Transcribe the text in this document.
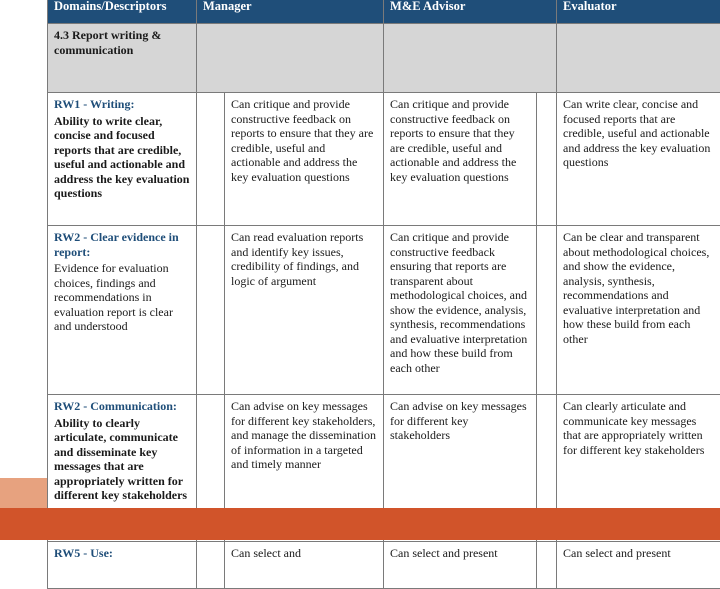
Domains/Descriptors	Manager		M&E Advisor		Evaluator
4.3 Report writing & communication					

RW1 - Writing:
Ability to write clear, concise and focused reports that are credible, useful and actionable and address the key evaluation questions		Can critique and provide constructive feedback on reports to ensure that they are credible, useful and actionable and address the key evaluation questions	Can critique and provide constructive feedback on reports to ensure that they are credible, useful and actionable and address the key evaluation questions		Can write clear, concise and focused reports that are credible, useful and actionable and address the key evaluation questions

RW2 - Clear evidence in report:
Evidence for evaluation choices, findings and recommendations in evaluation report is clear and understood		Can read evaluation reports and identify key issues, credibility of findings, and logic of argument	Can critique and provide constructive feedback ensuring that reports are transparent about methodological choices, and show the evidence, analysis, synthesis, recommendations and evaluative interpretation and how these build from each other		Can be clear and transparent about methodological choices, and show the evidence, analysis, synthesis, recommendations and evaluative interpretation and how these build from each other

RW2 - Communication:
Ability to clearly articulate, communicate and disseminate key messages that are appropriately written for different key stakeholders		Can advise on key messages for different key stakeholders, and manage the dissemination of information in a targeted and timely manner	Can advise on key messages for different key stakeholders		Can clearly articulate and communicate key messages that are appropriately written for different key stakeholders

RW5 - Use:		Can select and	Can select and present		Can select and present
